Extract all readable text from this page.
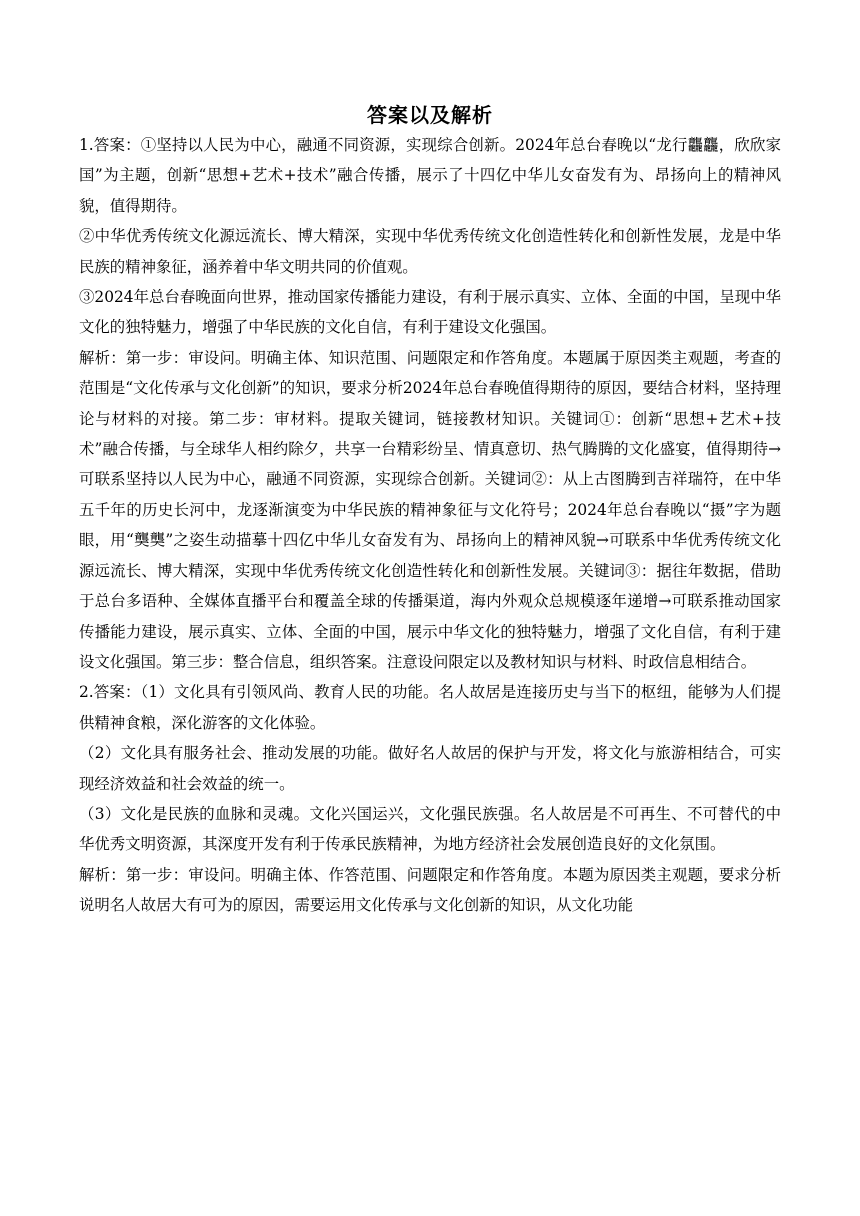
答案以及解析

1.答案：①坚持以人民为中心，融通不同资源，实现综合创新。2024年总台春晚以“龙行龘龘，欣欣家国”为主题，创新“思想+艺术+技术”融合传播，展示了十四亿中华儿女奋发有为、昂扬向上的精神风貌，值得期待。

②中华优秀传统文化源远流长、博大精深，实现中华优秀传统文化创造性转化和创新性发展，龙是中华民族的精神象征，涵养着中华文明共同的价值观。

③2024年总台春晚面向世界，推动国家传播能力建设，有利于展示真实、立体、全面的中国，呈现中华文化的独特魅力，增强了中华民族的文化自信，有利于建设文化强国。

解析：第一步：审设问。明确主体、知识范围、问题限定和作答角度。本题属于原因类主观题，考查的范围是“文化传承与文化创新”的知识，要求分析2024年总台春晚值得期待的原因，要结合材料，坚持理论与材料的对接。第二步：审材料。提取关键词，链接教材知识。关键词①：创新“思想+艺术+技术”融合传播，与全球华人相约除夕，共享一台精彩纷呈、情真意切、热气腾腾的文化盛宴，值得期待→可联系坚持以人民为中心，融通不同资源，实现综合创新。关键词②：从上古图腾到吉祥瑞符，在中华五千年的历史长河中，龙逐渐演变为中华民族的精神象征与文化符号；2024年总台春晚以“摄”字为题眼，用“龑龑”之姿生动描摹十四亿中华儿女奋发有为、昂扬向上的精神风貌→可联系中华优秀传统文化源远流长、博大精深，实现中华优秀传统文化创造性转化和创新性发展。关键词③：据往年数据，借助于总台多语种、全媒体直播平台和覆盖全球的传播渠道，海内外观众总规模逐年递增→可联系推动国家传播能力建设，展示真实、立体、全面的中国，展示中华文化的独特魅力，增强了文化自信，有利于建设文化强国。第三步：整合信息，组织答案。注意设问限定以及教材知识与材料、时政信息相结合。

2.答案：（1）文化具有引领风尚、教育人民的功能。名人故居是连接历史与当下的枢纽，能够为人们提供精神食粮，深化游客的文化体验。

（2）文化具有服务社会、推动发展的功能。做好名人故居的保护与开发，将文化与旅游相结合，可实现经济效益和社会效益的统一。

（3）文化是民族的血脉和灵魂。文化兴国运兴，文化强民族强。名人故居是不可再生、不可替代的中华优秀文明资源，其深度开发有利于传承民族精神，为地方经济社会发展创造良好的文化氛围。

解析：第一步：审设问。明确主体、作答范围、问题限定和作答角度。本题为原因类主观题，要求分析说明名人故居大有可为的原因，需要运用文化传承与文化创新的知识，从文化功能
